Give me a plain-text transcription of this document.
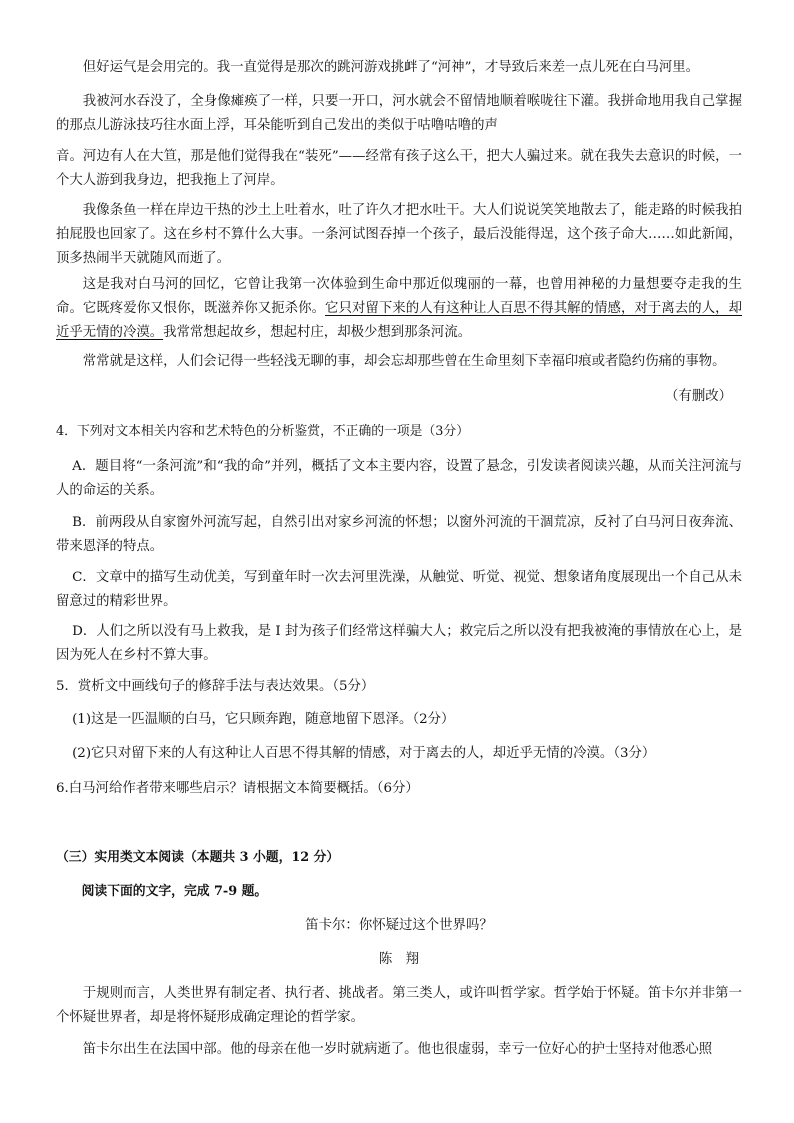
但好运气是会用完的。我一直觉得是那次的跳河游戏挑衅了“河神”，才导致后来差一点儿死在白马河里。

我被河水吞没了，全身像瘫痪了一样，只要一开口，河水就会不留情地顺着喉咙往下灌。我拼命地用我自己掌握的那点儿游泳技巧往水面上浮，耳朵能听到自己发出的类似于咕噜咕噜的声

音。河边有人在大笪，那是他们觉得我在“装死”——经常有孩子这么干，把大人骗过来。就在我失去意识的时候，一个大人游到我身边，把我拖上了河岸。

我像条鱼一样在岸边干热的沙土上吐着水，吐了许久才把水吐干。大人们说说笑笑地散去了，能走路的时候我拍拍屁股也回家了。这在乡村不算什么大事。一条河试图吞掉一个孩子，最后没能得逞，这个孩子命大……如此新闻，顶多热闹半天就随风而逝了。

这是我对白马河的回忆，它曾让我第一次体验到生命中那近似瑰丽的一幕，也曾用神秘的力量想要夺走我的生命。它既疼爱你又恨你，既滋养你又扼杀你。它只对留下来的人有这种让人百思不得其解的情感，对于离去的人，却近乎无情的冷漠。我常常想起故乡，想起村庄，却极少想到那条河流。

常常就是这样，人们会记得一些轻浅无聊的事，却会忘却那些曾在生命里刻下幸福印痕或者隐约伤痛的事物。

（有删改）

4．下列对文本相关内容和艺术特色的分析鉴赏，不正确的一项是（3分）

A．题目将“一条河流”和“我的命”并列，概括了文本主要内容，设置了悬念，引发读者阅读兴趣，从而关注河流与人的命运的关系。

B．前两段从自家窗外河流写起，自然引出对家乡河流的怀想；以窗外河流的干涸荒凉，反衬了白马河日夜奔流、带来恩泽的特点。

C．文章中的描写生动优美，写到童年时一次去河里洗澡，从触觉、听觉、视觉、想象诸角度展现出一个自己从未留意过的精彩世界。

D．人们之所以没有马上救我，是 I 封为孩子们经常这样骗大人；救完后之所以没有把我被淹的事情放在心上，是因为死人在乡村不算大事。

5．赏析文中画线句子的修辞手法与表达效果。（5分）

(1)这是一匹温顺的白马，它只顾奔跑，随意地留下恩泽。（2分）

(2)它只对留下来的人有这种让人百思不得其解的情感，对于离去的人，却近乎无情的冷漠。（3分）

6.白马河给作者带来哪些启示？请根据文本简要概括。（6分）

（三）实用类文本阅读（本题共 3 小题，12 分）

阅读下面的文字，完成 7-9 题。

笛卡尔：你怀疑过这个世界吗？

陈　翔

于规则而言，人类世界有制定者、执行者、挑战者。第三类人，或许叫哲学家。哲学始于怀疑。笛卡尔并非第一个怀疑世界者，却是将怀疑形成确定理论的哲学家。

笛卡尔出生在法国中部。他的母亲在他一岁时就病逝了。他也很虚弱，幸亏一位好心的护士坚持对他悉心照
